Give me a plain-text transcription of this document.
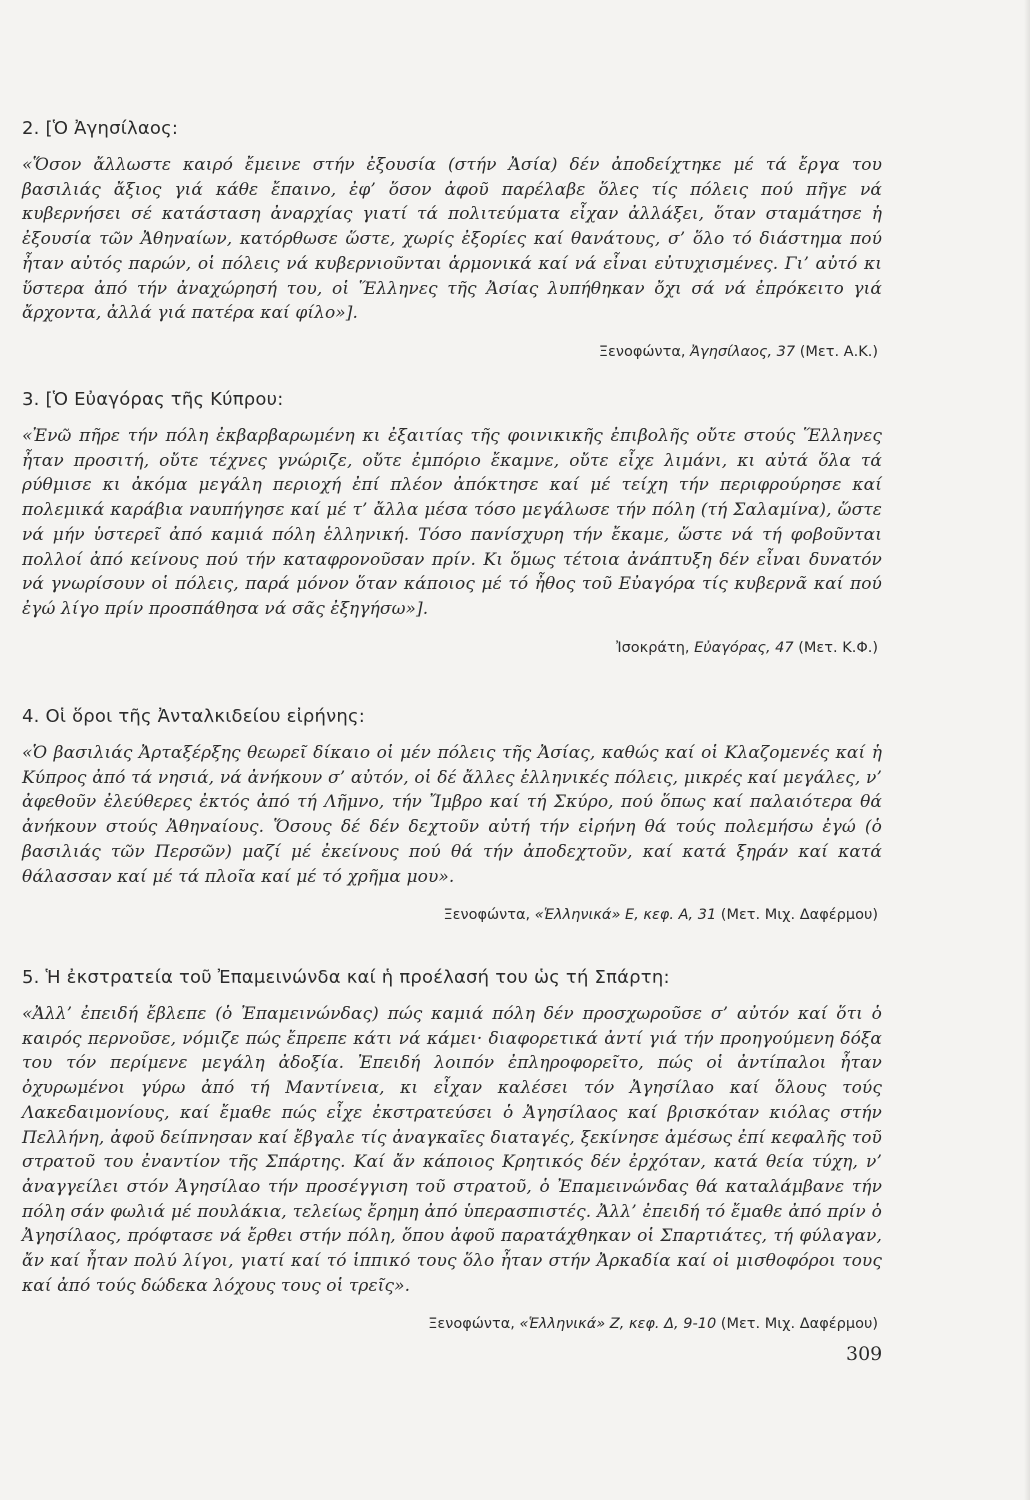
2. [Ὁ Ἀγησίλαος:
«Ὅσον ἄλλωστε καιρό ἔμεινε στήν ἐξουσία (στήν Ἀσία) δέν ἀποδείχτηκε μέ τά ἔργα του βασιλιάς ἄξιος γιά κάθε ἔπαινο, ἐφ’ ὅσον ἀφοῦ παρέλαβε ὅλες τίς πόλεις πού πῆγε νά κυβερνήσει σέ κατάσταση ἀναρχίας γιατί τά πολιτεύματα εἶχαν ἀλλάξει, ὅταν σταμάτησε ἡ ἐξουσία τῶν Ἀθηναίων, κατόρθωσε ὥστε, χωρίς ἐξορίες καί θανάτους, σ’ ὅλο τό διάστημα πού ἦταν αὐτός παρών, οἱ πόλεις νά κυβερνιοῦνται ἁρμονικά καί νά εἶναι εὐτυχισμένες. Γι’ αὐτό κι ὕστερα ἀπό τήν ἀναχώρησή του, οἱ Ἕλληνες τῆς Ἀσίας λυπήθηκαν ὄχι σά νά ἐπρόκειτο γιά ἄρχοντα, ἀλλά γιά πατέρα καί φίλο»].
Ξενοφώντα, Ἀγησίλαος, 37 (Μετ. Α.Κ.)
3. [Ὁ Εὐαγόρας τῆς Κύπρου:
«Ἐνῶ πῆρε τήν πόλη ἐκβαρβαρωμένη κι ἐξαιτίας τῆς φοινικικῆς ἐπιβολῆς οὔτε στούς Ἕλληνες ἦταν προσιτή, οὔτε τέχνες γνώριζε, οὔτε ἐμπόριο ἔκαμνε, οὔτε εἶχε λιμάνι, κι αὐτά ὅλα τά ρύθμισε κι ἀκόμα μεγάλη περιοχή ἐπί πλέον ἀπόκτησε καί μέ τείχη τήν περιφρούρησε καί πολεμικά καράβια ναυπήγησε καί μέ τ’ ἄλλα μέσα τόσο μεγάλωσε τήν πόλη (τή Σαλαμίνα), ὥστε νά μήν ὑστερεῖ ἀπό καμιά πόλη ἑλληνική. Τόσο πανίσχυρη τήν ἔκαμε, ὥστε νά τή φοβοῦνται πολλοί ἀπό κείνους πού τήν καταφρονοῦσαν πρίν. Κι ὅμως τέτοια ἀνάπτυξη δέν εἶναι δυνατόν νά γνωρίσουν οἱ πόλεις, παρά μόνον ὅταν κάποιος μέ τό ἦθος τοῦ Εὐαγόρα τίς κυβερνᾶ καί πού ἐγώ λίγο πρίν προσπάθησα νά σᾶς ἐξηγήσω»].
Ἰσοκράτη, Εὐαγόρας, 47 (Μετ. Κ.Φ.)
4. Οἱ ὅροι τῆς Ἀνταλκιδείου εἰρήνης:
«Ὁ βασιλιάς Ἀρταξέρξης θεωρεῖ δίκαιο οἱ μέν πόλεις τῆς Ἀσίας, καθώς καί οἱ Κλαζομενές καί ἡ Κύπρος ἀπό τά νησιά, νά ἀνήκουν σ’ αὐτόν, οἱ δέ ἄλλες ἑλληνικές πόλεις, μικρές καί μεγάλες, ν’ ἀφεθοῦν ἐλεύθερες ἐκτός ἀπό τή Λῆμνο, τήν Ἴμβρο καί τή Σκύρο, πού ὅπως καί παλαιότερα θά ἀνήκουν στούς Ἀθηναίους. Ὅσους δέ δέν δεχτοῦν αὐτή τήν εἰρήνη θά τούς πολεμήσω ἐγώ (ὁ βασιλιάς τῶν Περσῶν) μαζί μέ ἐκείνους πού θά τήν ἀποδεχτοῦν, καί κατά ξηράν καί κατά θάλασσαν καί μέ τά πλοῖα καί μέ τό χρῆμα μου».
Ξενοφώντα, «Ἑλληνικά» Ε, κεφ. Α, 31 (Μετ. Μιχ. Δαφέρμου)
5. Ἡ ἐκστρατεία τοῦ Ἐπαμεινώνδα καί ἡ προέλασή του ὡς τή Σπάρτη:
«Ἀλλ’ ἐπειδή ἔβλεπε (ὁ Ἐπαμεινώνδας) πώς καμιά πόλη δέν προσχωροῦσε σ’ αὐτόν καί ὅτι ὁ καιρός περνοῦσε, νόμιζε πώς ἔπρεπε κάτι νά κάμει· διαφορετικά ἀντί γιά τήν προηγούμενη δόξα του τόν περίμενε μεγάλη ἀδοξία. Ἐπειδή λοιπόν ἐπληροφορεῖτο, πώς οἱ ἀντίπαλοι ἦταν ὀχυρωμένοι γύρω ἀπό τή Μαντίνεια, κι εἶχαν καλέσει τόν Ἀγησίλαο καί ὅλους τούς Λακεδαιμονίους, καί ἔμαθε πώς εἶχε ἐκστρατεύσει ὁ Ἀγησίλαος καί βρισκόταν κιόλας στήν Πελλήνη, ἀφοῦ δείπνησαν καί ἔβγαλε τίς ἀναγκαῖες διαταγές, ξεκίνησε ἀμέσως ἐπί κεφαλῆς τοῦ στρατοῦ του ἐναντίον τῆς Σπάρτης. Καί ἄν κάποιος Κρητικός δέν ἐρχόταν, κατά θεία τύχη, ν’ ἀναγγείλει στόν Ἀγησίλαο τήν προσέγγιση τοῦ στρατοῦ, ὁ Ἐπαμεινώνδας θά καταλάμβανε τήν πόλη σάν φωλιά μέ πουλάκια, τελείως ἔρημη ἀπό ὑπερασπιστές. Ἀλλ’ ἐπειδή τό ἔμαθε ἀπό πρίν ὁ Ἀγησίλαος, πρόφτασε νά ἔρθει στήν πόλη, ὅπου ἀφοῦ παρατάχθηκαν οἱ Σπαρτιάτες, τή φύλαγαν, ἄν καί ἦταν πολύ λίγοι, γιατί καί τό ἱππικό τους ὅλο ἦταν στήν Ἀρκαδία καί οἱ μισθοφόροι τους καί ἀπό τούς δώδεκα λόχους τους οἱ τρεῖς».
Ξενοφώντα, «Ἑλληνικά» Ζ, κεφ. Δ, 9-10 (Μετ. Μιχ. Δαφέρμου)
309
